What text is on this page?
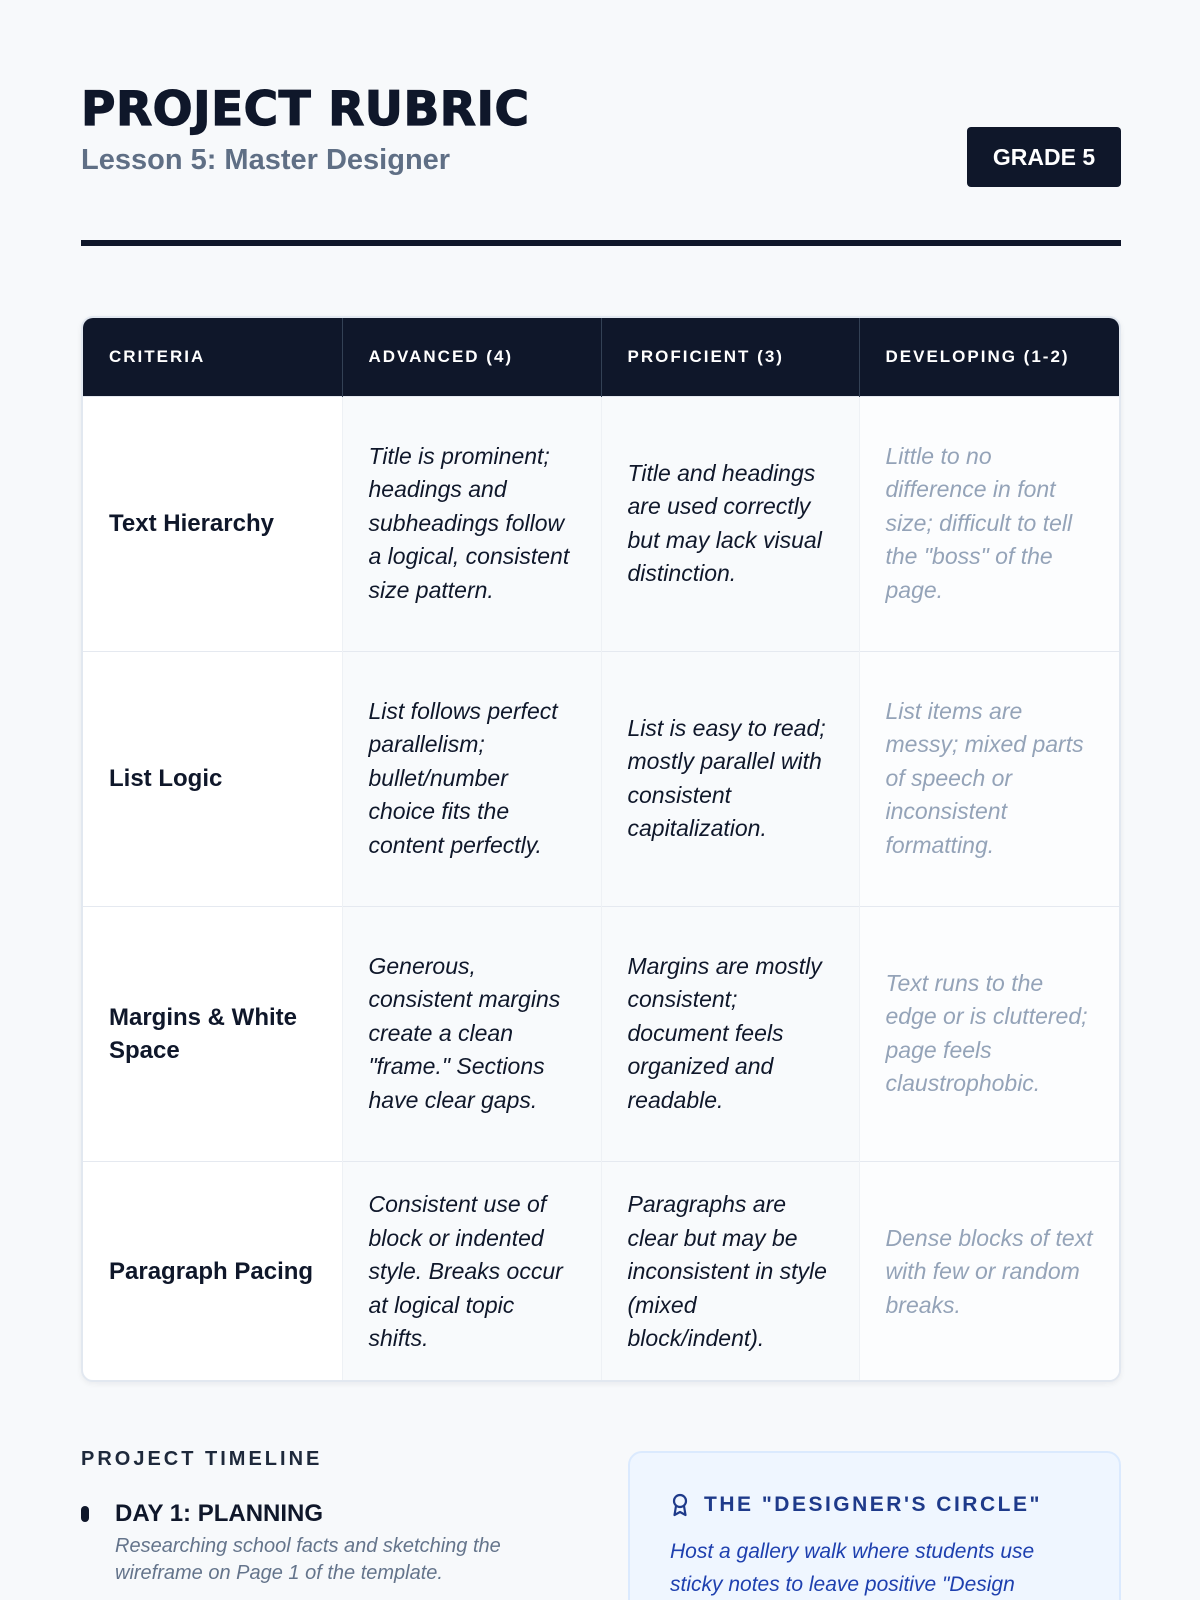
PROJECT RUBRIC
Lesson 5: Master Designer	GRADE 5
CRITERIA	ADVANCED (4)	PROFICIENT (3)	DEVELOPING (1-2)
Text Hierarchy	Title is prominent; headings and subheadings follow a logical, consistent size pattern.	Title and headings are used correctly but may lack visual distinction.	Little to no difference in font size; difficult to tell the "boss" of the page.
List Logic	List follows perfect parallelism; bullet/number choice fits the content perfectly.	List is easy to read; mostly parallel with consistent capitalization.	List items are messy; mixed parts of speech or inconsistent formatting.
Margins & White Space	Generous, consistent margins create a clean "frame." Sections have clear gaps.	Margins are mostly consistent; document feels organized and readable.	Text runs to the edge or is cluttered; page feels claustrophobic.
Paragraph Pacing	Consistent use of block or indented style. Breaks occur at logical topic shifts.	Paragraphs are clear but may be inconsistent in style (mixed block/indent).	Dense blocks of text with few or random breaks.
PROJECT TIMELINE
DAY 1: PLANNING
Researching school facts and sketching the wireframe on Page 1 of the template.
THE "DESIGNER'S CIRCLE"
Host a gallery walk where students use sticky notes to leave positive "Design
